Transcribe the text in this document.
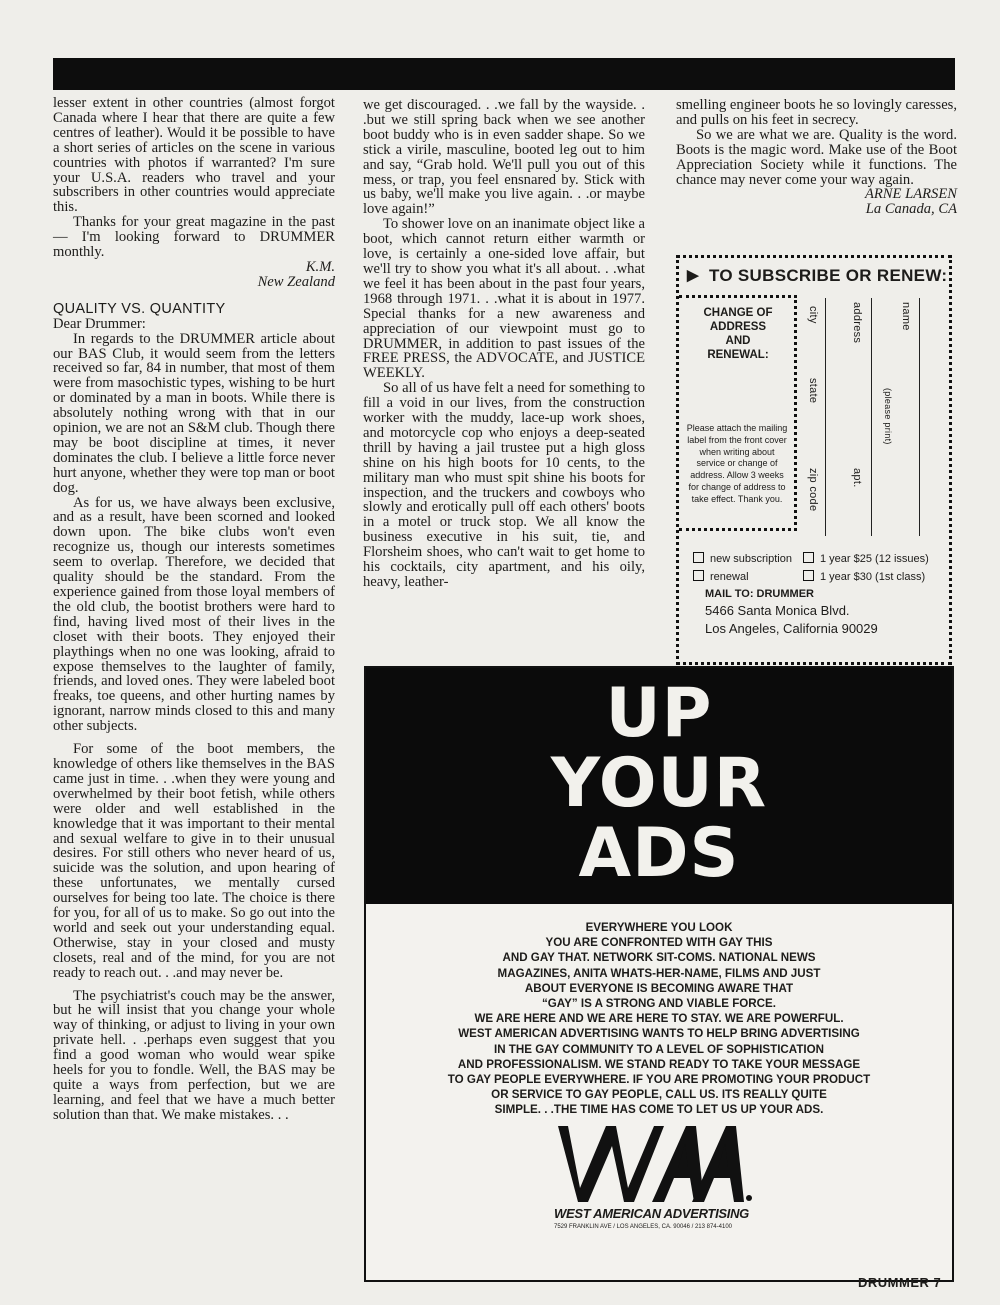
lesser extent in other countries (almost forgot Canada where I hear that there are quite a few centres of leather). Would it be possible to have a short series of articles on the scene in various countries with photos if warranted? I'm sure your U.S.A. readers who travel and your subscribers in other countries would appreciate this.

Thanks for your great magazine in the past — I'm looking forward to DRUMMER monthly.

K.M.

New Zealand

QUALITY VS. QUANTITY

Dear Drummer:

In regards to the DRUMMER article about our BAS Club, it would seem from the letters received so far, 84 in number, that most of them were from masochistic types, wishing to be hurt or dominated by a man in boots. While there is absolutely nothing wrong with that in our opinion, we are not an S&M club. Though there may be boot discipline at times, it never dominates the club. I believe a little force never hurt anyone, whether they were top man or boot dog.

As for us, we have always been exclusive, and as a result, have been scorned and looked down upon. The bike clubs won't even recognize us, though our interests sometimes seem to overlap. Therefore, we decided that quality should be the standard. From the experience gained from those loyal members of the old club, the bootist brothers were hard to find, having lived most of their lives in the closet with their boots. They enjoyed their playthings when no one was looking, afraid to expose themselves to the laughter of family, friends, and loved ones. They were labeled boot freaks, toe queens, and other hurting names by ignorant, narrow minds closed to this and many other subjects.

For some of the boot members, the knowledge of others like themselves in the BAS came just in time. . .when they were young and overwhelmed by their boot fetish, while others were older and well established in the knowledge that it was important to their mental and sexual welfare to give in to their unusual desires. For still others who never heard of us, suicide was the solution, and upon hearing of these unfortunates, we mentally cursed ourselves for being too late. The choice is there for you, for all of us to make. So go out into the world and seek out your understanding equal. Otherwise, stay in your closed and musty closets, real and of the mind, for you are not ready to reach out. . .and may never be.

The psychiatrist's couch may be the answer, but he will insist that you change your whole way of thinking, or adjust to living in your own private hell. . .perhaps even suggest that you find a good woman who would wear spike heels for you to fondle. Well, the BAS may be quite a ways from perfection, but we are learning, and feel that we have a much better solution than that. We make mistakes. . .

we get discouraged. . .we fall by the wayside. . .but we still spring back when we see another boot buddy who is in even sadder shape. So we stick a virile, masculine, booted leg out to him and say, “Grab hold. We'll pull you out of this mess, or trap, you feel ensnared by. Stick with us baby, we'll make you live again. . .or maybe love again!”

To shower love on an inanimate object like a boot, which cannot return either warmth or love, is certainly a one-sided love affair, but we'll try to show you what it's all about. . .what we feel it has been about in the past four years, 1968 through 1971. . .what it is about in 1977. Special thanks for a new awareness and appreciation of our viewpoint must go to DRUMMER, in addition to past issues of the FREE PRESS, the ADVOCATE, and JUSTICE WEEKLY.

So all of us have felt a need for something to fill a void in our lives, from the construction worker with the muddy, lace-up work shoes, and motorcycle cop who enjoys a deep-seated thrill by having a jail trustee put a high gloss shine on his high boots for 10 cents, to the military man who must spit shine his boots for inspection, and the truckers and cowboys who slowly and erotically pull off each others' boots in a motel or truck stop. We all know the business executive in his suit, tie, and Florsheim shoes, who can't wait to get home to his cocktails, city apartment, and his oily, heavy, leather-

smelling engineer boots he so lovingly caresses, and pulls on his feet in secrecy.

So we are what we are. Quality is the word. Boots is the magic word. Make use of the Boot Appreciation Society while it functions. The chance may never come your way again.

ARNE LARSEN

La Canada, CA

▶ TO SUBSCRIBE OR RENEW:
CHANGE OF
ADDRESS
AND
RENEWAL:
Please attach the mailing label from the front cover when writing about service or change of address. Allow 3 weeks for change of address to take effect. Thank you.
city
state
zip code
address
apt.
(please print)
name
new subscription	1 year $25 (12 issues)
renewal	1 year $30 (1st class)
MAIL TO: DRUMMER
5466 Santa Monica Blvd.
Los Angeles, California 90029
UP
YOUR
ADS

EVERYWHERE YOU LOOK

YOU ARE CONFRONTED WITH GAY THIS

AND GAY THAT. NETWORK SIT-COMS. NATIONAL NEWS

MAGAZINES, ANITA WHATS-HER-NAME, FILMS AND JUST

ABOUT EVERYONE IS BECOMING AWARE THAT

“GAY” IS A STRONG AND VIABLE FORCE.

WE ARE HERE AND WE ARE HERE TO STAY. WE ARE POWERFUL.

WEST AMERICAN ADVERTISING WANTS TO HELP BRING ADVERTISING

IN THE GAY COMMUNITY TO A LEVEL OF SOPHISTICATION

AND PROFESSIONALISM. WE STAND READY TO TAKE YOUR MESSAGE

TO GAY PEOPLE EVERYWHERE. IF YOU ARE PROMOTING YOUR PRODUCT

OR SERVICE TO GAY PEOPLE, CALL US. ITS REALLY QUITE

SIMPLE. . .THE TIME HAS COME TO LET US UP YOUR ADS.

WEST AMERICAN ADVERTISING
7529 FRANKLIN AVE / LOS ANGELES, CA. 90046 / 213 874-4100
DRUMMER 7
